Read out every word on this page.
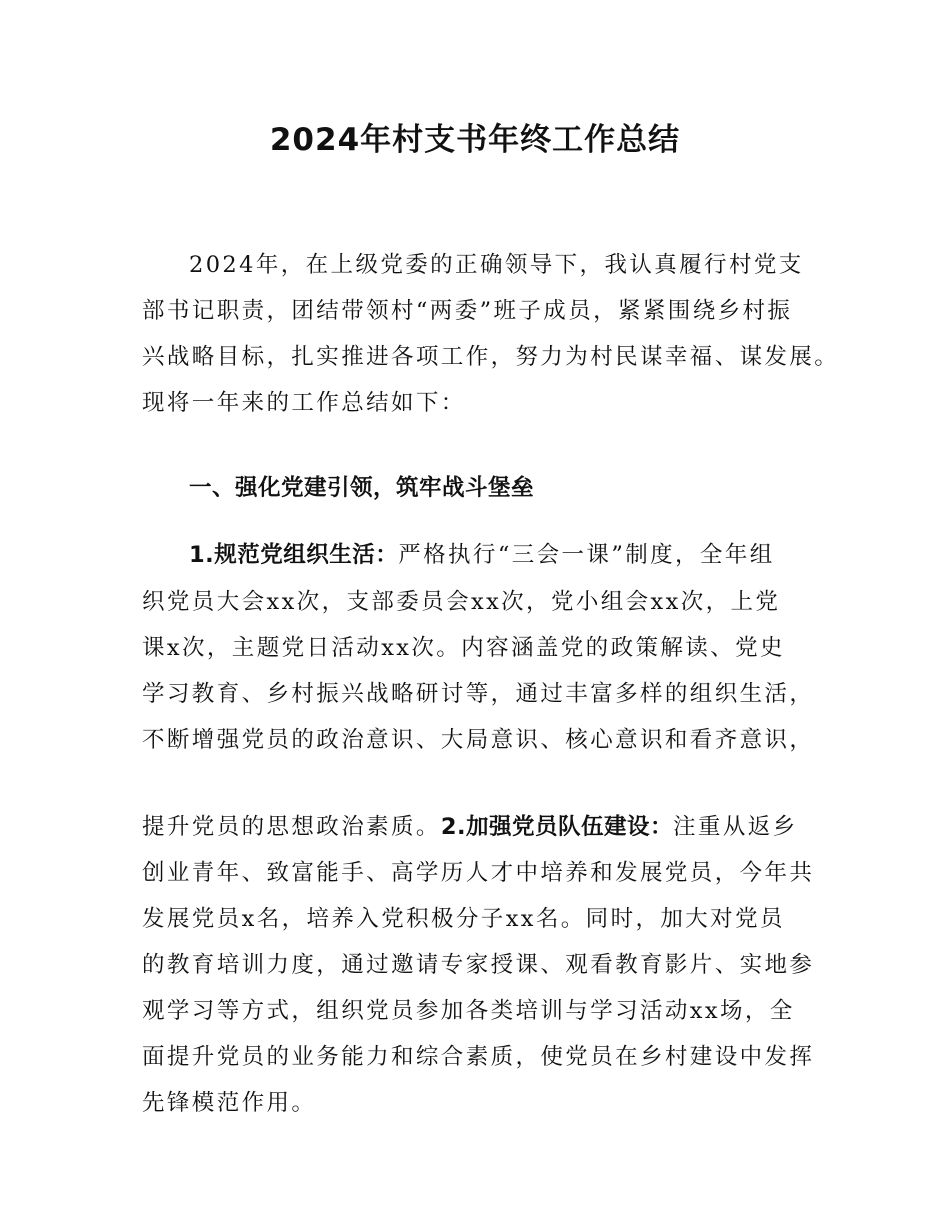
2024年村支书年终工作总结
2024年，在上级党委的正确领导下，我认真履行村党支
部书记职责，团结带领村“两委”班子成员，紧紧围绕乡村振
兴战略目标，扎实推进各项工作，努力为村民谋幸福、谋发展。
现将一年来的工作总结如下：
一、强化党建引领，筑牢战斗堡垒
1.规范党组织生活：严格执行“三会一课”制度，全年组
织党员大会xx次，支部委员会xx次，党小组会xx次，上党
课x次，主题党日活动xx次。内容涵盖党的政策解读、党史
学习教育、乡村振兴战略研讨等，通过丰富多样的组织生活，
不断增强党员的政治意识、大局意识、核心意识和看齐意识，
提升党员的思想政治素质。2.加强党员队伍建设：注重从返乡
创业青年、致富能手、高学历人才中培养和发展党员，今年共
发展党员x名，培养入党积极分子xx名。同时，加大对党员
的教育培训力度，通过邀请专家授课、观看教育影片、实地参
观学习等方式，组织党员参加各类培训与学习活动xx场，全
面提升党员的业务能力和综合素质，使党员在乡村建设中发挥
先锋模范作用。
